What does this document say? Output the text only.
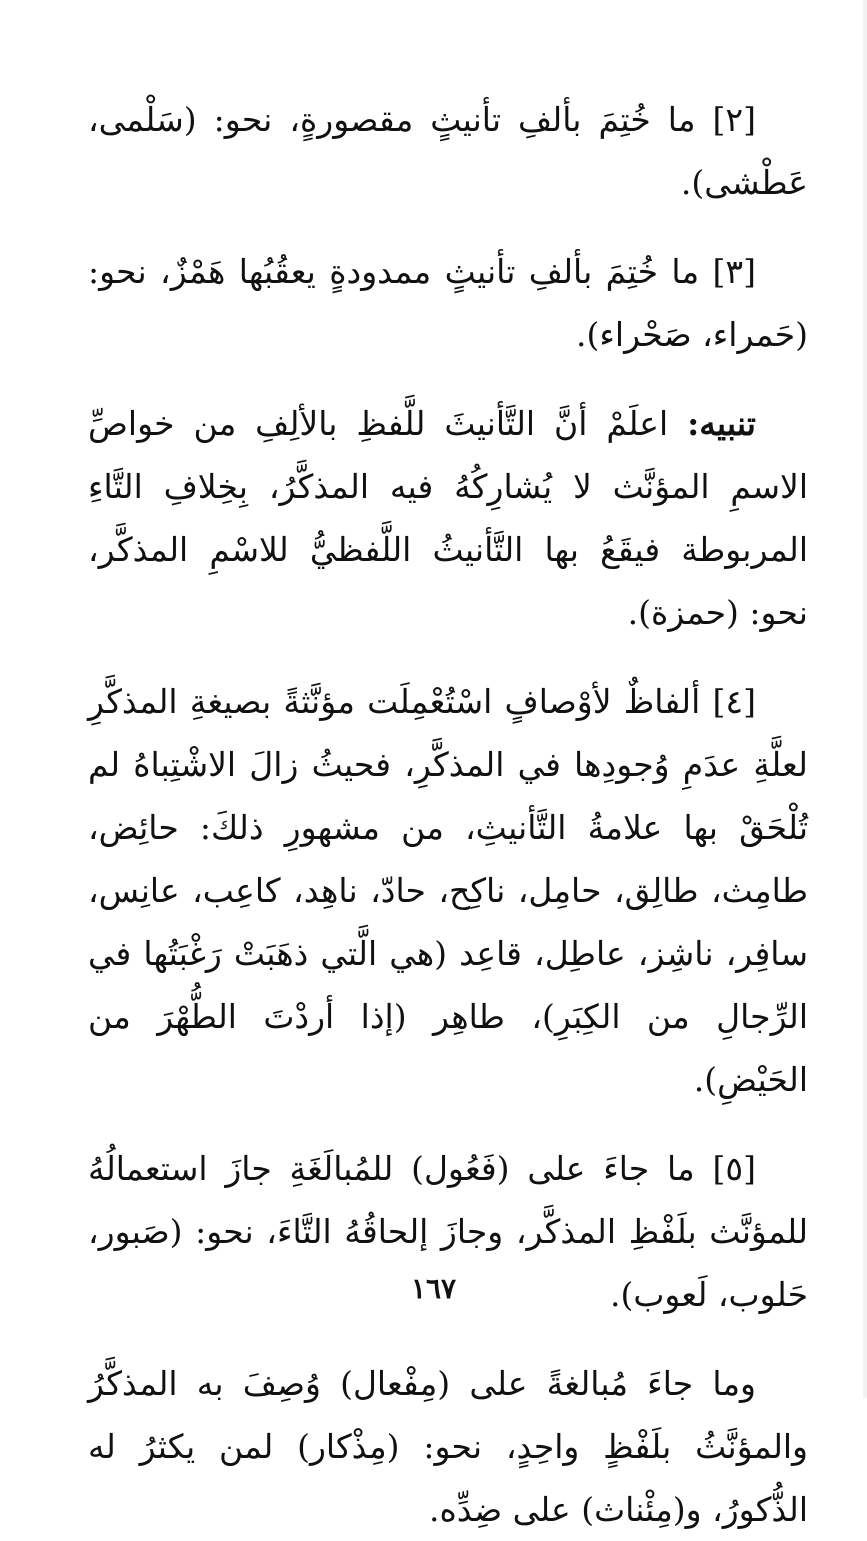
[٢] ما خُتِمَ بألفِ تأنيثٍ مقصورةٍ، نحو: (سَلْمى، عَطْشى).

[٣] ما خُتِمَ بألفِ تأنيثٍ ممدودةٍ يعقُبُها هَمْزٌ، نحو: (حَمراء، صَحْراء).

تنبيه: اعلَمْ أنَّ التَّأنيثَ للَّفظِ بالألِفِ من خواصِّ الاسمِ المؤنَّث لا يُشارِكُهُ فيه المذكَّرُ، بِخِلافِ التَّاءِ المربوطة فيقَعُ بها التَّأنيثُ اللَّفظيُّ للاسْمِ المذكَّر، نحو: (حمزة).

[٤] ألفاظٌ لأوْصافٍ اسْتُعْمِلَت مؤنَّثةً بصيغةِ المذكَّرِ لعلَّةِ عدَمِ وُجودِها في المذكَّرِ، فحيثُ زالَ الاشْتِباهُ لم تُلْحَقْ بها علامةُ التَّأنيثِ، من مشهورِ ذلكَ: حائِض، طامِث، طالِق، حامِل، ناكِح، حادّ، ناهِد، كاعِب، عانِس، سافِر، ناشِز، عاطِل، قاعِد (هي الَّتي ذهَبَتْ رَغْبَتُها في الرِّجالِ من الكِبَرِ)، طاهِر (إذا أردْتَ الطُّهْرَ من الحَيْضِ).

[٥] ما جاءَ على (فَعُول) للمُبالَغَةِ جازَ استعمالُهُ للمؤنَّث بلَفْظِ المذكَّر، وجازَ إلحاقُهُ التَّاءَ، نحو: (صَبور، حَلوب، لَعوب).

وما جاءَ مُبالغةً على (مِفْعال) وُصِفَ به المذكَّرُ والمؤنَّثُ بلَفْظٍ واحِدٍ، نحو: (مِذْكار) لمن يكثرُ له الذُّكورُ، و(مِئْناث) على ضِدِّه.

١٦٧
